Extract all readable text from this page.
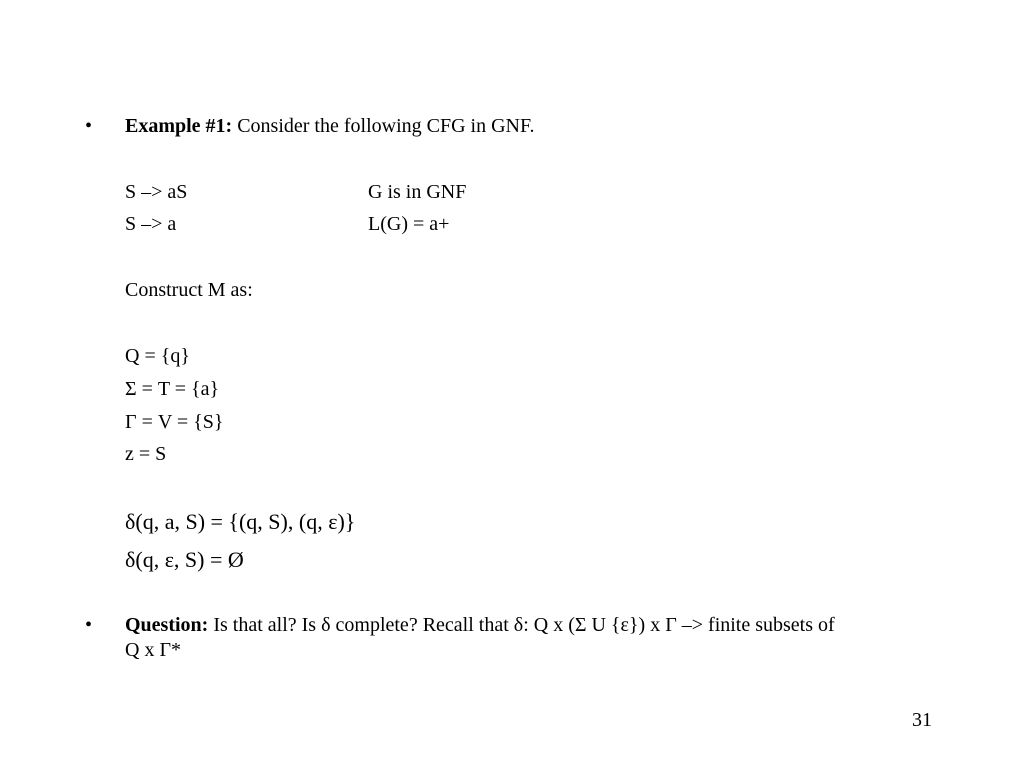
• Example #1: Consider the following CFG in GNF.
S –> aS	G is in GNF
S –> a	L(G) = a+
Construct M as:
Q = {q}
Σ = T = {a}
Γ = V = {S}
z = S
δ(q, a, S) = {(q, S), (q, ε)}
δ(q, ε, S) = Ø
• Question: Is that all? Is δ complete? Recall that δ: Q x (Σ U {ε}) x Γ –> finite subsets of
Q x Γ*
31
